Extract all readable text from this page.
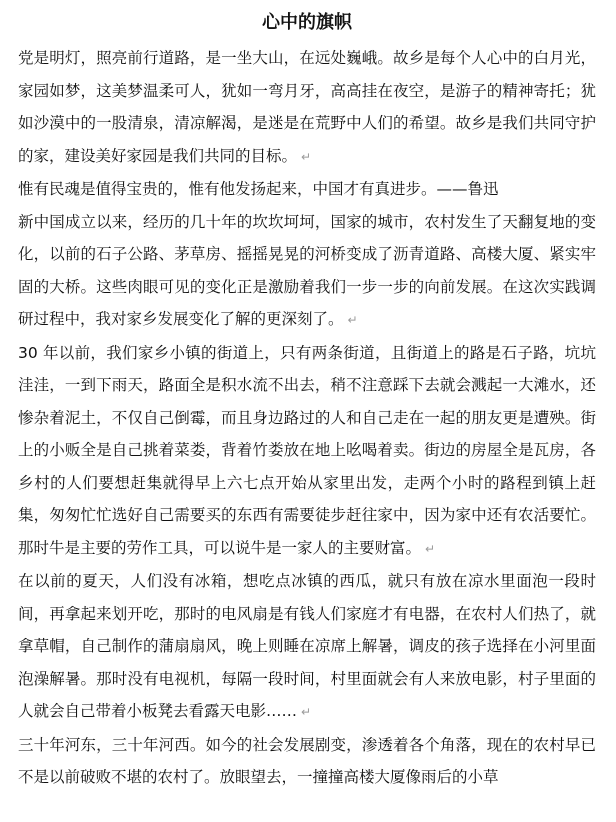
心中的旗帜

党是明灯，照亮前行道路，是一坐大山，在远处巍峨。故乡是每个人心中的白月光，家园如梦，这美梦温柔可人，犹如一弯月牙，高高挂在夜空，是游子的精神寄托；犹如沙漠中的一股清泉，清凉解渴，是迷是在荒野中人们的希望。故乡是我们共同守护的家，建设美好家园是我们共同的目标。 ↵

惟有民魂是值得宝贵的，惟有他发扬起来，中国才有真进步。——鲁迅

新中国成立以来，经历的几十年的坎坎坷坷，国家的城市，农村发生了天翻复地的变化，以前的石子公路、茅草房、摇摇晃晃的河桥变成了沥青道路、高楼大厦、紧实牢固的大桥。这些肉眼可见的变化正是激励着我们一步一步的向前发展。在这次实践调研过程中，我对家乡发展变化了解的更深刻了。 ↵

30 年以前，我们家乡小镇的街道上，只有两条街道，且街道上的路是石子路，坑坑洼洼，一到下雨天，路面全是积水流不出去，稍不注意踩下去就会溅起一大滩水，还惨杂着泥土，不仅自己倒霉，而且身边路过的人和自己走在一起的朋友更是遭殃。街上的小贩全是自己挑着菜娄，背着竹娄放在地上吆喝着卖。街边的房屋全是瓦房，各乡村的人们要想赶集就得早上六七点开始从家里出发，走两个小时的路程到镇上赶集，匆匆忙忙选好自己需要买的东西有需要徒步赶往家中，因为家中还有农活要忙。那时牛是主要的劳作工具，可以说牛是一家人的主要财富。 ↵

在以前的夏天，人们没有冰箱，想吃点冰镇的西瓜，就只有放在凉水里面泡一段时间，再拿起来划开吃，那时的电风扇是有钱人们家庭才有电器，在农村人们热了，就拿草帽，自己制作的蒲扇扇风，晚上则睡在凉席上解暑，调皮的孩子选择在小河里面泡澡解暑。那时没有电视机，每隔一段时间，村里面就会有人来放电影，村子里面的人就会自己带着小板凳去看露天电影…… ↵

三十年河东，三十年河西。如今的社会发展剧变，渗透着各个角落，现在的农村早已不是以前破败不堪的农村了。放眼望去，一撞撞高楼大厦像雨后的小草
